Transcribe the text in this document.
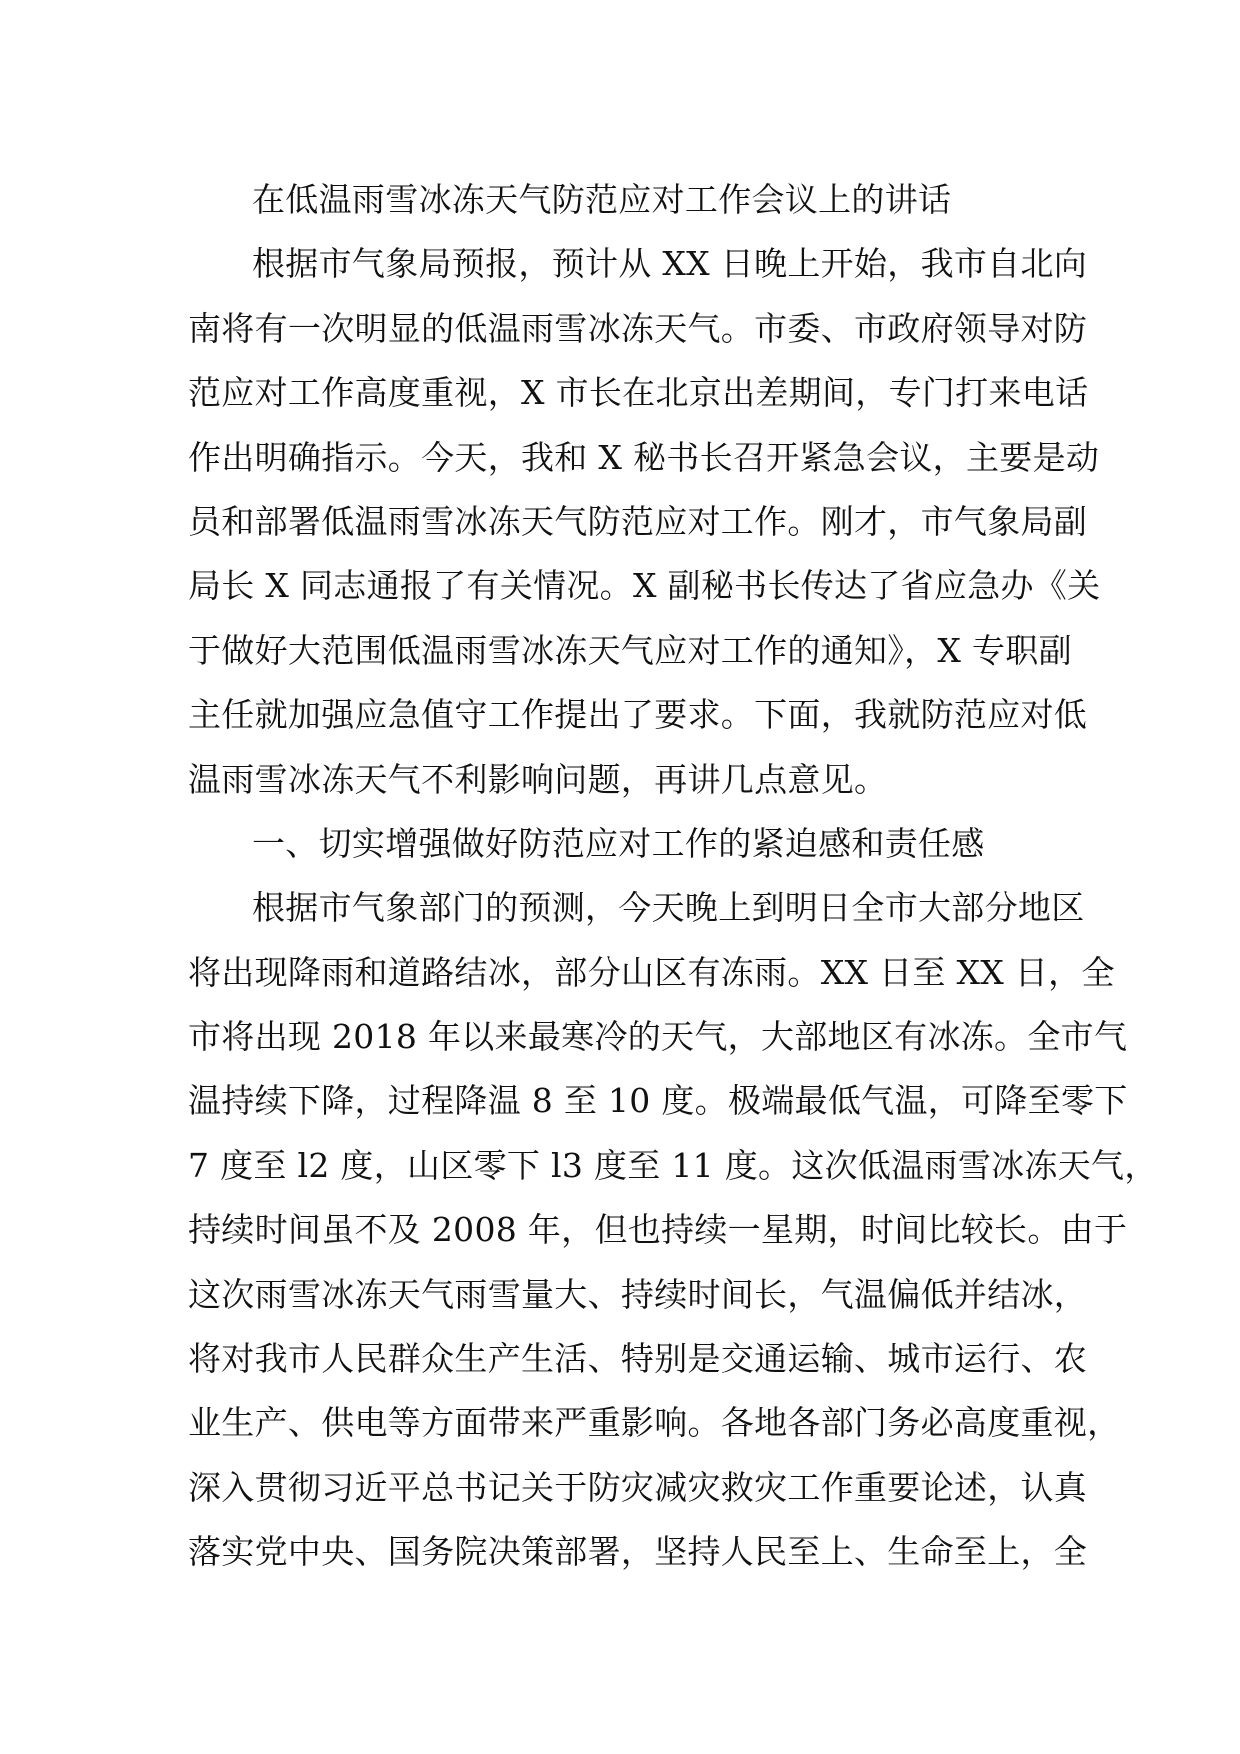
在低温雨雪冰冻天气防范应对工作会议上的讲话
根据市气象局预报，预计从 XX 日晚上开始，我市自北向
南将有一次明显的低温雨雪冰冻天气。市委、市政府领导对防
范应对工作高度重视，X 市长在北京出差期间，专门打来电话
作出明确指示。今天，我和 X 秘书长召开紧急会议，主要是动
员和部署低温雨雪冰冻天气防范应对工作。刚才，市气象局副
局长 X 同志通报了有关情况。X 副秘书长传达了省应急办《关
于做好大范围低温雨雪冰冻天气应对工作的通知》，X 专职副
主任就加强应急值守工作提出了要求。下面，我就防范应对低
温雨雪冰冻天气不利影响问题，再讲几点意见。
一、切实增强做好防范应对工作的紧迫感和责任感
根据市气象部门的预测，今天晚上到明日全市大部分地区
将出现降雨和道路结冰，部分山区有冻雨。XX 日至 XX 日，全
市将出现 2018 年以来最寒冷的天气，大部地区有冰冻。全市气
温持续下降，过程降温 8 至 10 度。极端最低气温，可降至零下
7 度至 l2 度，山区零下 l3 度至 11 度。这次低温雨雪冰冻天气，
持续时间虽不及 2008 年，但也持续一星期，时间比较长。由于
这次雨雪冰冻天气雨雪量大、持续时间长，气温偏低并结冰，
将对我市人民群众生产生活、特别是交通运输、城市运行、农
业生产、供电等方面带来严重影响。各地各部门务必高度重视，
深入贯彻习近平总书记关于防灾减灾救灾工作重要论述，认真
落实党中央、国务院决策部署，坚持人民至上、生命至上，全
